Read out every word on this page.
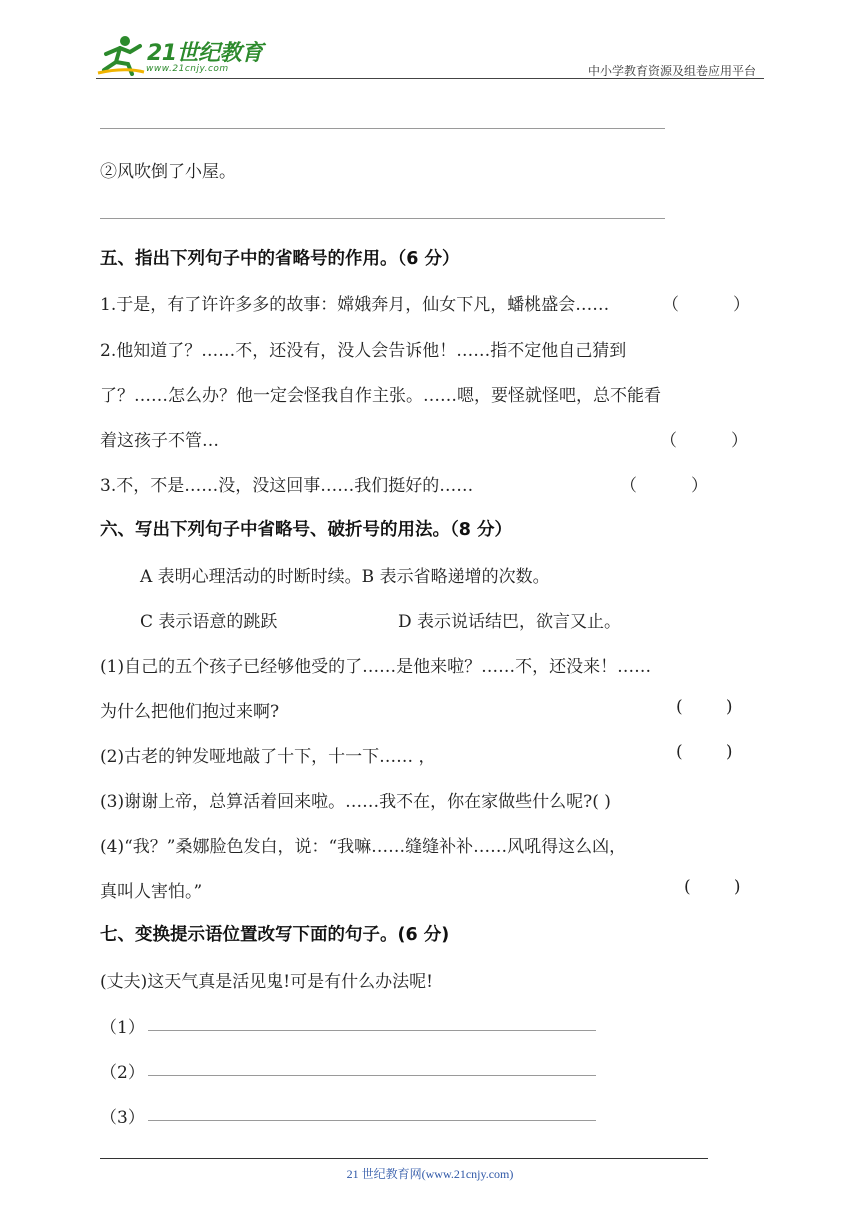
21世纪教育
www.21cnjy.com	中小学教育资源及组卷应用平台
②风吹倒了小屋。
五、指出下列句子中的省略号的作用。（6 分）
1.于是，有了许许多多的故事：嫦娥奔月，仙女下凡，蟠桃盛会……	（          ）
2.他知道了？……不，还没有，没人会告诉他！……指不定他自己猜到
了？……怎么办？他一定会怪我自作主张。……嗯，要怪就怪吧，总不能看
着这孩子不管…	（          ）
3.不，不是……没，没这回事……我们挺好的……	（          ）
六、写出下列句子中省略号、破折号的用法。（8 分）
A 表明心理活动的时断时续。B 表示省略递增的次数。
C 表示语意的跳跃	D 表示说话结巴，欲言又止。
(1)自己的五个孩子已经够他受的了……是他来啦？……不，还没来！……
为什么把他们抱过来啊?	(        )
(2)古老的钟发哑地敲了十下，十一下…… ，	(        )
(3)谢谢上帝，总算活着回来啦。……我不在，你在家做些什么呢?( )
(4)“我？”桑娜脸色发白，说：“我嘛……缝缝补补……风吼得这么凶，
真叫人害怕。”	(        )
七、变换提示语位置改写下面的句子。(6 分)
(丈夫)这天气真是活见鬼!可是有什么办法呢!
（1）
（2）
（3）
21 世纪教育网(www.21cnjy.com)
